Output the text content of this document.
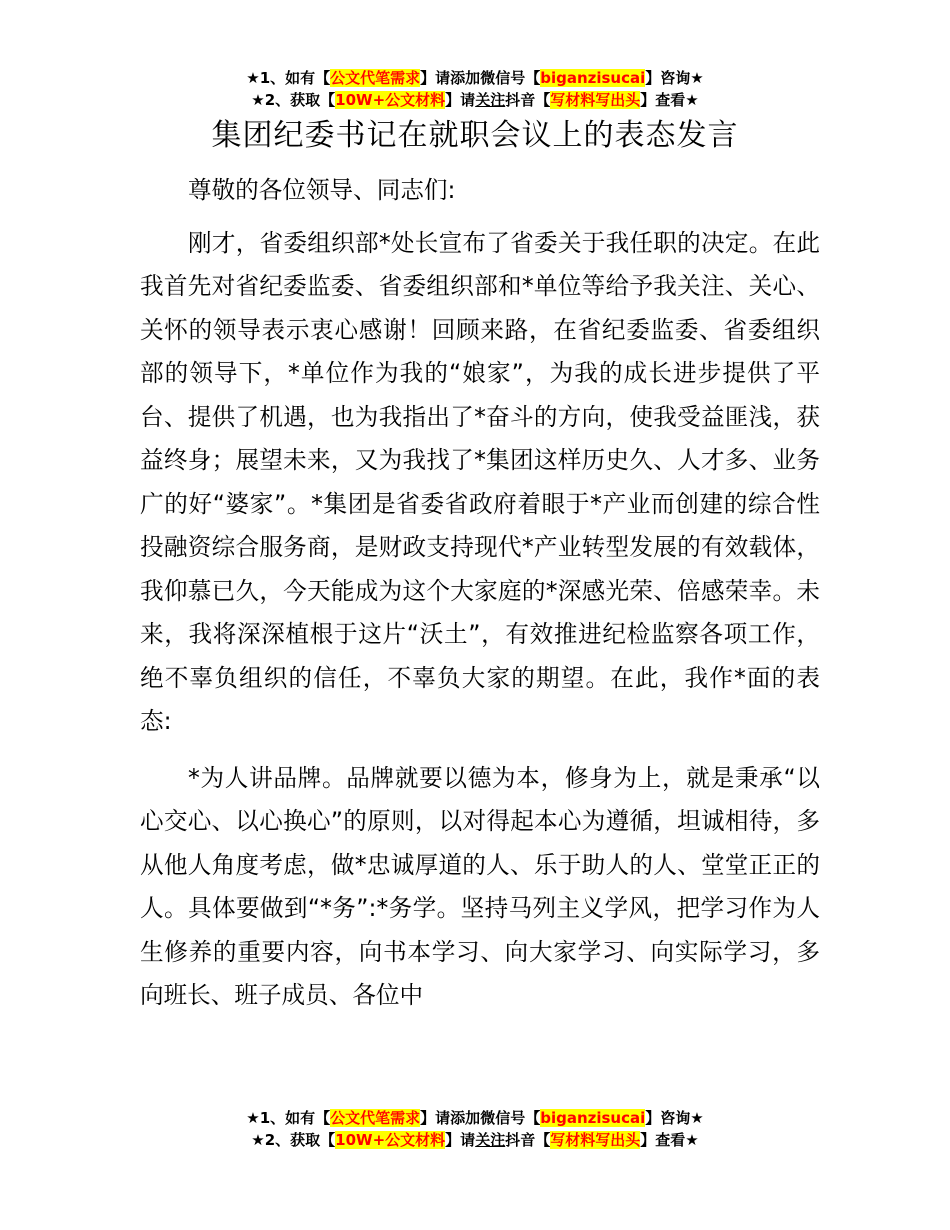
★1、如有【公文代笔需求】请添加微信号【biganzisucai】咨询★
★2、获取【10W+公文材料】请关注抖音【写材料写出头】查看★
集团纪委书记在就职会议上的表态发言

尊敬的各位领导、同志们:

刚才，省委组织部*处长宣布了省委关于我任职的决定。在此我首先对省纪委监委、省委组织部和*单位等给予我关注、关心、关怀的领导表示衷心感谢！回顾来路，在省纪委监委、省委组织部的领导下，*单位作为我的“娘家”，为我的成长进步提供了平台、提供了机遇，也为我指出了*奋斗的方向，使我受益匪浅，获益终身；展望未来，又为我找了*集团这样历史久、人才多、业务广的好“婆家”。*集团是省委省政府着眼于*产业而创建的综合性投融资综合服务商，是财政支持现代*产业转型发展的有效载体，我仰慕已久，今天能成为这个大家庭的*深感光荣、倍感荣幸。未来，我将深深植根于这片“沃土”，有效推进纪检监察各项工作，绝不辜负组织的信任，不辜负大家的期望。在此，我作*面的表态:

*为人讲品牌。品牌就要以德为本，修身为上，就是秉承“以心交心、以心换心”的原则，以对得起本心为遵循，坦诚相待，多从他人角度考虑，做*忠诚厚道的人、乐于助人的人、堂堂正正的人。具体要做到“*务”:*务学。坚持马列主义学风，把学习作为人生修养的重要内容，向书本学习、向大家学习、向实际学习，多向班长、班子成员、各位中

★1、如有【公文代笔需求】请添加微信号【biganzisucai】咨询★
★2、获取【10W+公文材料】请关注抖音【写材料写出头】查看★
